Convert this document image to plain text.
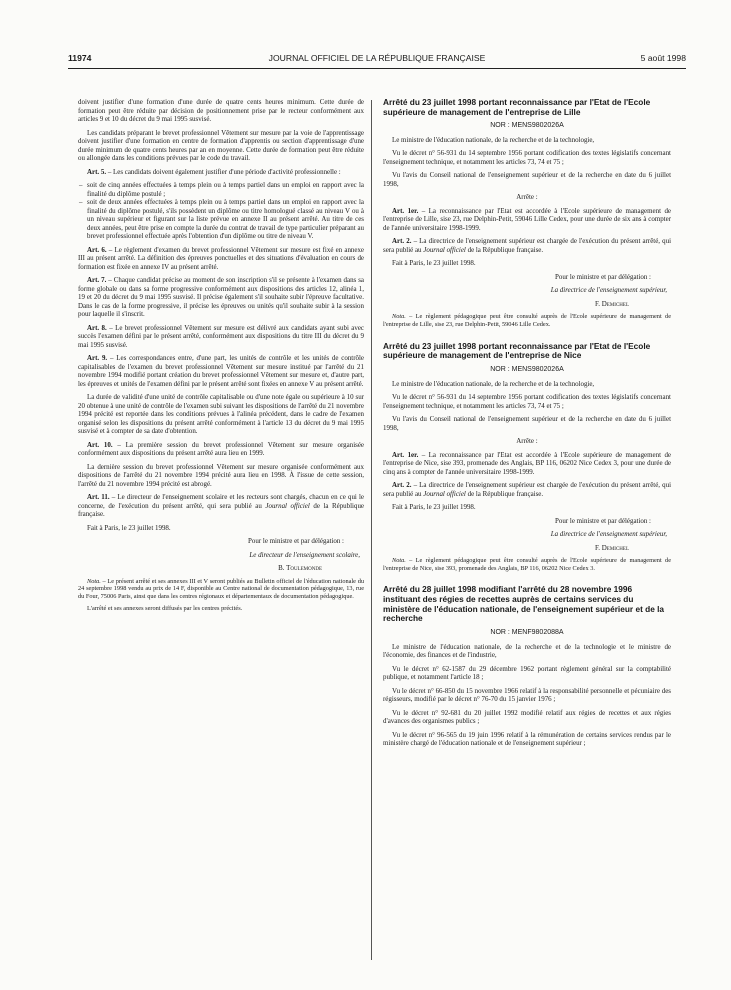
11974	JOURNAL OFFICIEL DE LA RÉPUBLIQUE FRANÇAISE	5 août 1998

doivent justifier d'une formation d'une durée de quatre cents heures minimum. Cette durée de formation peut être réduite par décision de positionnement prise par le recteur conformément aux articles 9 et 10 du décret du 9 mai 1995 susvisé.

Les candidats préparant le brevet professionnel Vêtement sur mesure par la voie de l'apprentissage doivent justifier d'une formation en centre de formation d'apprentis ou section d'apprentissage d'une durée minimum de quatre cents heures par an en moyenne. Cette durée de formation peut être réduite ou allongée dans les conditions prévues par le code du travail.

Art. 5. – Les candidats doivent également justifier d'une période d'activité professionnelle :

– soit de cinq années effectuées à temps plein ou à temps partiel dans un emploi en rapport avec la finalité du diplôme postulé ;
– soit de deux années effectuées à temps plein ou à temps partiel dans un emploi en rapport avec la finalité du diplôme postulé, s'ils possèdent un diplôme ou titre homologué classé au niveau V ou à un niveau supérieur et figurant sur la liste prévue en annexe II au présent arrêté. Au titre de ces deux années, peut être prise en compte la durée du contrat de travail de type particulier préparant au brevet professionnel effectuée après l'obtention d'un diplôme ou titre de niveau V.

Art. 6. – Le règlement d'examen du brevet professionnel Vêtement sur mesure est fixé en annexe III au présent arrêté. La définition des épreuves ponctuelles et des situations d'évaluation en cours de formation est fixée en annexe IV au présent arrêté.

Art. 7. – Chaque candidat précise au moment de son inscription s'il se présente à l'examen dans sa forme globale ou dans sa forme progressive conformément aux dispositions des articles 12, alinéa 1, 19 et 20 du décret du 9 mai 1995 susvisé. Il précise également s'il souhaite subir l'épreuve facultative. Dans le cas de la forme progressive, il précise les épreuves ou unités qu'il souhaite subir à la session pour laquelle il s'inscrit.

Art. 8. – Le brevet professionnel Vêtement sur mesure est délivré aux candidats ayant subi avec succès l'examen défini par le présent arrêté, conformément aux dispositions du titre III du décret du 9 mai 1995 susvisé.

Art. 9. – Les correspondances entre, d'une part, les unités de contrôle et les unités de contrôle capitalisables de l'examen du brevet professionnel Vêtement sur mesure institué par l'arrêté du 21 novembre 1994 modifié portant création du brevet professionnel Vêtement sur mesure et, d'autre part, les épreuves et unités de l'examen défini par le présent arrêté sont fixées en annexe V au présent arrêté.

La durée de validité d'une unité de contrôle capitalisable ou d'une note égale ou supérieure à 10 sur 20 obtenue à une unité de contrôle de l'examen subi suivant les dispositions de l'arrêté du 21 novembre 1994 précité est reportée dans les conditions prévues à l'alinéa précédent, dans le cadre de l'examen organisé selon les dispositions du présent arrêté conformément à l'article 13 du décret du 9 mai 1995 susvisé et à compter de sa date d'obtention.

Art. 10. – La première session du brevet professionnel Vêtement sur mesure organisée conformément aux dispositions du présent arrêté aura lieu en 1999.

La dernière session du brevet professionnel Vêtement sur mesure organisée conformément aux dispositions de l'arrêté du 21 novembre 1994 précité aura lieu en 1998. À l'issue de cette session, l'arrêté du 21 novembre 1994 précité est abrogé.

Art. 11. – Le directeur de l'enseignement scolaire et les recteurs sont chargés, chacun en ce qui le concerne, de l'exécution du présent arrêté, qui sera publié au Journal officiel de la République française.

Fait à Paris, le 23 juillet 1998.

Pour le ministre et par délégation :

Le directeur de l'enseignement scolaire,

B. Toulemonde

Nota. – Le présent arrêté et ses annexes III et V seront publiés au Bulletin officiel de l'éducation nationale du 24 septembre 1998 vendu au prix de 14 F, disponible au Centre national de documentation pédagogique, 13, rue du Four, 75006 Paris, ainsi que dans les centres régionaux et départementaux de documentation pédagogique.

L'arrêté et ses annexes seront diffusés par les centres précités.

Arrêté du 23 juillet 1998 portant reconnaissance par l'Etat de l'Ecole supérieure de management de l'entreprise de Lille

NOR : MENS9802026A

Le ministre de l'éducation nationale, de la recherche et de la technologie,

Vu le décret n° 56-931 du 14 septembre 1956 portant codification des textes législatifs concernant l'enseignement technique, et notamment les articles 73, 74 et 75 ;

Vu l'avis du Conseil national de l'enseignement supérieur et de la recherche en date du 6 juillet 1998,

Arrête :

Art. 1er. – La reconnaissance par l'Etat est accordée à l'Ecole supérieure de management de l'entreprise de Lille, sise 23, rue Delphin-Petit, 59046 Lille Cedex, pour une durée de six ans à compter de l'année universitaire 1998-1999.

Art. 2. – La directrice de l'enseignement supérieur est chargée de l'exécution du présent arrêté, qui sera publié au Journal officiel de la République française.

Fait à Paris, le 23 juillet 1998.

Pour le ministre et par délégation :

La directrice de l'enseignement supérieur,

F. Demichel

Nota. – Le règlement pédagogique peut être consulté auprès de l'Ecole supérieure de management de l'entreprise de Lille, sise 23, rue Delphin-Petit, 59046 Lille Cedex.

Arrêté du 23 juillet 1998 portant reconnaissance par l'Etat de l'Ecole supérieure de management de l'entreprise de Nice

NOR : MENS9802026A

Le ministre de l'éducation nationale, de la recherche et de la technologie,

Vu le décret n° 56-931 du 14 septembre 1956 portant codification des textes législatifs concernant l'enseignement technique, et notamment les articles 73, 74 et 75 ;

Vu l'avis du Conseil national de l'enseignement supérieur et de la recherche en date du 6 juillet 1998,

Arrête :

Art. 1er. – La reconnaissance par l'Etat est accordée à l'Ecole supérieure de management de l'entreprise de Nice, sise 393, promenade des Anglais, BP 116, 06202 Nice Cedex 3, pour une durée de cinq ans à compter de l'année universitaire 1998-1999.

Art. 2. – La directrice de l'enseignement supérieur est chargée de l'exécution du présent arrêté, qui sera publié au Journal officiel de la République française.

Fait à Paris, le 23 juillet 1998.

Pour le ministre et par délégation :

La directrice de l'enseignement supérieur,

F. Demichel

Nota. – Le règlement pédagogique peut être consulté auprès de l'Ecole supérieure de management de l'entreprise de Nice, sise 393, promenade des Anglais, BP 116, 06202 Nice Cedex 3.

Arrêté du 28 juillet 1998 modifiant l'arrêté du 28 novembre 1996 instituant des régies de recettes auprès de certains services du ministère de l'éducation nationale, de l'enseignement supérieur et de la recherche

NOR : MENF9802088A

Le ministre de l'éducation nationale, de la recherche et de la technologie et le ministre de l'économie, des finances et de l'industrie,

Vu le décret n° 62-1587 du 29 décembre 1962 portant règlement général sur la comptabilité publique, et notamment l'article 18 ;

Vu le décret n° 66-850 du 15 novembre 1966 relatif à la responsabilité personnelle et pécuniaire des régisseurs, modifié par le décret n° 76-70 du 15 janvier 1976 ;

Vu le décret n° 92-681 du 20 juillet 1992 modifié relatif aux régies de recettes et aux régies d'avances des organismes publics ;

Vu le décret n° 96-565 du 19 juin 1996 relatif à la rémunération de certains services rendus par le ministère chargé de l'éducation nationale et de l'enseignement supérieur ;
